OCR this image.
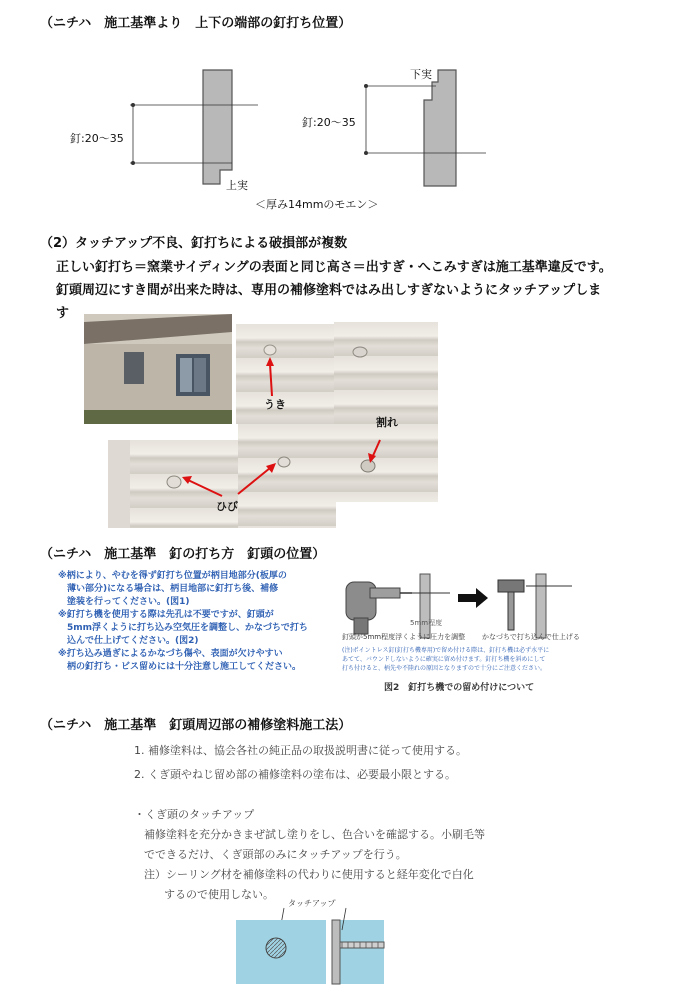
（ニチハ　施工基準より　上下の端部の釘打ち位置）
釘:20～35
釘:20～35
上実
下実
＜厚み14mmのモエン＞
（2）タッチアップ不良、釘打ちによる破損部が複数
正しい釘打ち＝窯業サイディングの表面と同じ高さ＝出すぎ・へこみすぎは施工基準違反です。
釘頭周辺にすき間が出来た時は、専用の補修塗料ではみ出しすぎないようにタッチアップしま
す
うき
割れ
ひび
（ニチハ　施工基準　釘の打ち方　釘頭の位置）
※柄により、やむを得ず釘打ち位置が柄目地部分(板厚の
　薄い部分)になる場合は、柄目地部に釘打ち後、補修
　塗装を行ってください。(図1)
※釘打ち機を使用する際は先孔は不要ですが、釘頭が
　5mm浮くように打ち込み空気圧を調整し、かなづちで打ち
　込んで仕上げてください。(図2)
※打ち込み過ぎによるかなづち傷や、表面が欠けやすい
　柄の釘打ち・ビス留めには十分注意し施工してください。
5mm程度
釘頭が5mm程度浮くように圧力を調整 かなづちで打ち込んで仕上げる
(注)ポイントレス釘(釘打ち機専用)で留め付ける際は、釘打ち機は必ず水平に
あてて、バウンドしないように確実に留め付けます。釘打ち機を斜めにして
打ち付けると、柄先や不陸れの原因となりますので十分にご注意ください。
図2　釘打ち機での留め付けについて
（ニチハ　施工基準　釘頭周辺部の補修塗料施工法）
1. 補修塗料は、協会各社の純正品の取扱説明書に従って使用する。
2. くぎ頭やねじ留め部の補修塗料の塗布は、必要最小限とする。
・くぎ頭のタッチアップ
補修塗料を充分かきまぜ試し塗りをし、色合いを確認する。小刷毛等
でできるだけ、くぎ頭部のみにタッチアップを行う。
注）シーリング材を補修塗料の代わりに使用すると経年変化で白化
するので使用しない。
タッチアップ
